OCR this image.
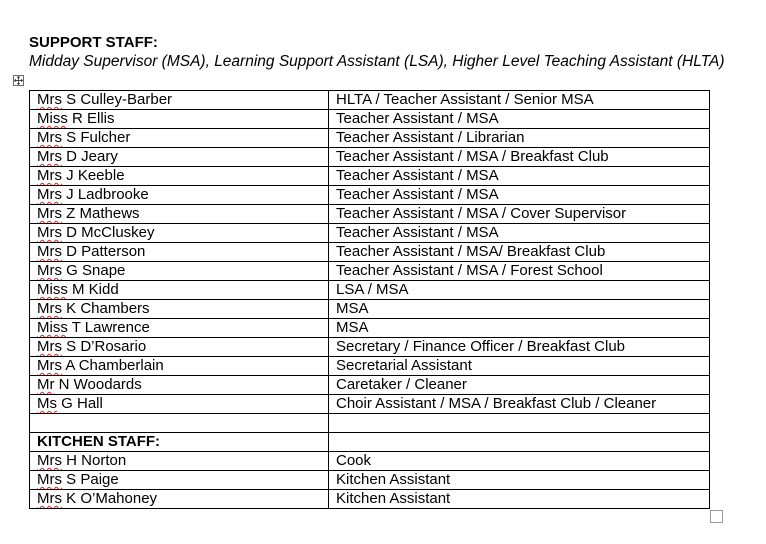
SUPPORT STAFF:
Midday Supervisor (MSA), Learning Support Assistant (LSA), Higher Level Teaching Assistant (HLTA)
Mrs S Culley-Barber	HLTA / Teacher Assistant / Senior MSA
Miss R Ellis	Teacher Assistant / MSA
Mrs S Fulcher	Teacher Assistant / Librarian
Mrs D Jeary	Teacher Assistant / MSA / Breakfast Club
Mrs J Keeble	Teacher Assistant / MSA
Mrs J Ladbrooke	Teacher Assistant / MSA
Mrs Z Mathews	Teacher Assistant / MSA / Cover Supervisor
Mrs D McCluskey	Teacher Assistant / MSA
Mrs D Patterson	Teacher Assistant / MSA/ Breakfast Club
Mrs G Snape	Teacher Assistant / MSA / Forest School
Miss M Kidd	LSA / MSA
Mrs K Chambers	MSA
Miss T Lawrence	MSA
Mrs S D’Rosario	Secretary / Finance Officer / Breakfast Club
Mrs A Chamberlain	Secretarial Assistant
Mr N Woodards	Caretaker / Cleaner
Ms G Hall	Choir Assistant / MSA / Breakfast Club / Cleaner

KITCHEN STAFF:	
Mrs H Norton	Cook
Mrs S Paige	Kitchen Assistant
Mrs K O’Mahoney	Kitchen Assistant
